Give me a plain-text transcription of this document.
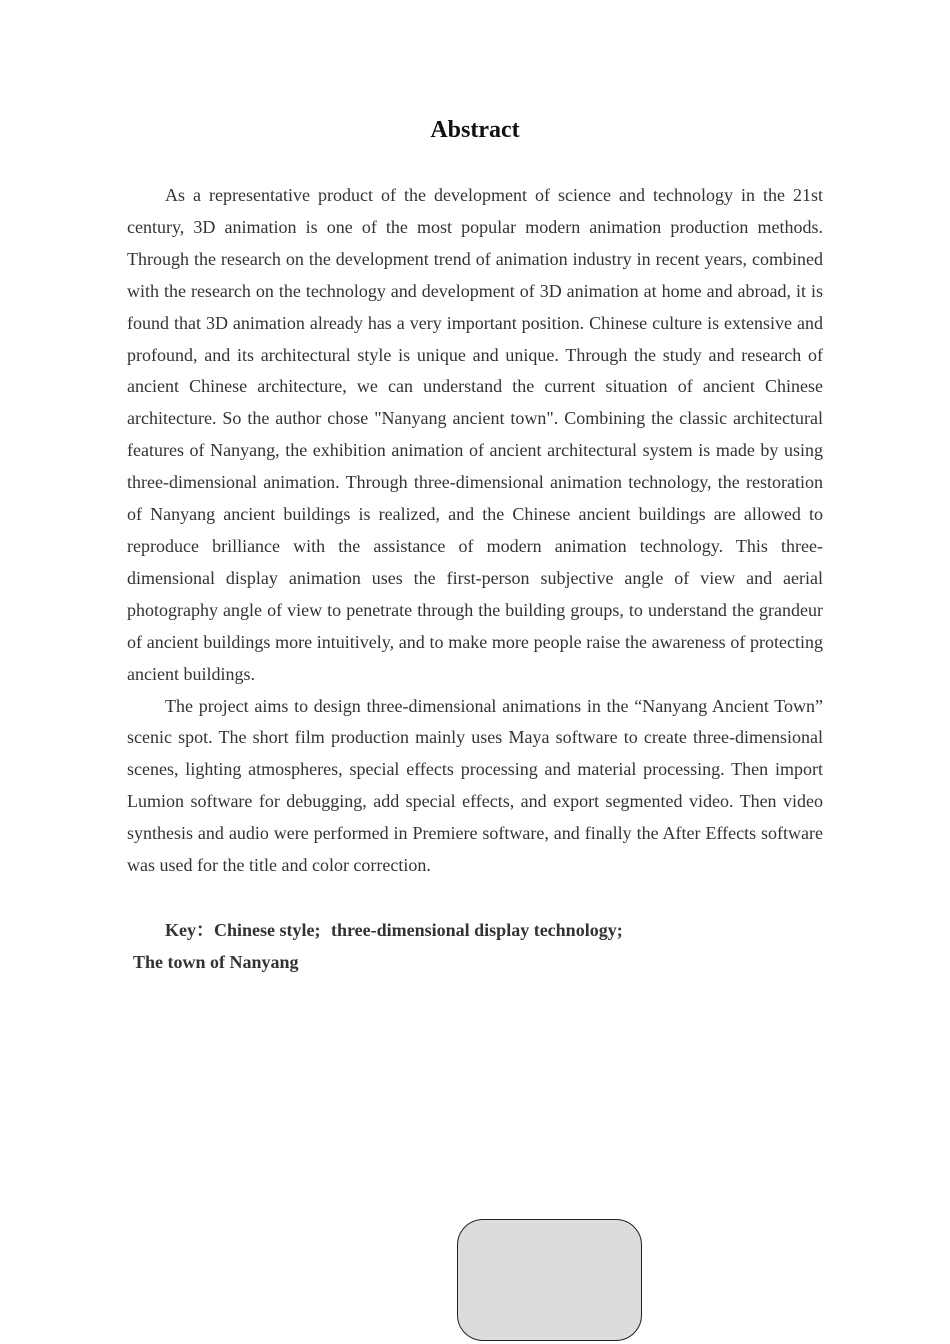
Abstract

As a representative product of the development of science and technology in the 21st century, 3D animation is one of the most popular modern animation production methods. Through the research on the development trend of animation industry in recent years, combined with the research on the technology and development of 3D animation at home and abroad, it is found that 3D animation already has a very important position. Chinese culture is extensive and profound, and its architectural style is unique and unique. Through the study and research of ancient Chinese architecture, we can understand the current situation of ancient Chinese architecture. So the author chose "Nanyang ancient town". Combining the classic architectural features of Nanyang, the exhibition animation of ancient architectural system is made by using three-dimensional animation. Through three-dimensional animation technology, the restoration of Nanyang ancient buildings is realized, and the Chinese ancient buildings are allowed to reproduce brilliance with the assistance of modern animation technology. This three-dimensional display animation uses the first-person subjective angle of view and aerial photography angle of view to penetrate through the building groups, to understand the grandeur of ancient buildings more intuitively, and to make more people raise the awareness of protecting ancient buildings.

The project aims to design three-dimensional animations in the “Nanyang Ancient Town” scenic spot. The short film production mainly uses Maya software to create three-dimensional scenes, lighting atmospheres, special effects processing and material processing. Then import Lumion software for debugging, add special effects, and export segmented video. Then video synthesis and audio were performed in Premiere software, and finally the After Effects software was used for the title and color correction.

Key：Chinese style; three-dimensional display technology; The town of Nanyang
